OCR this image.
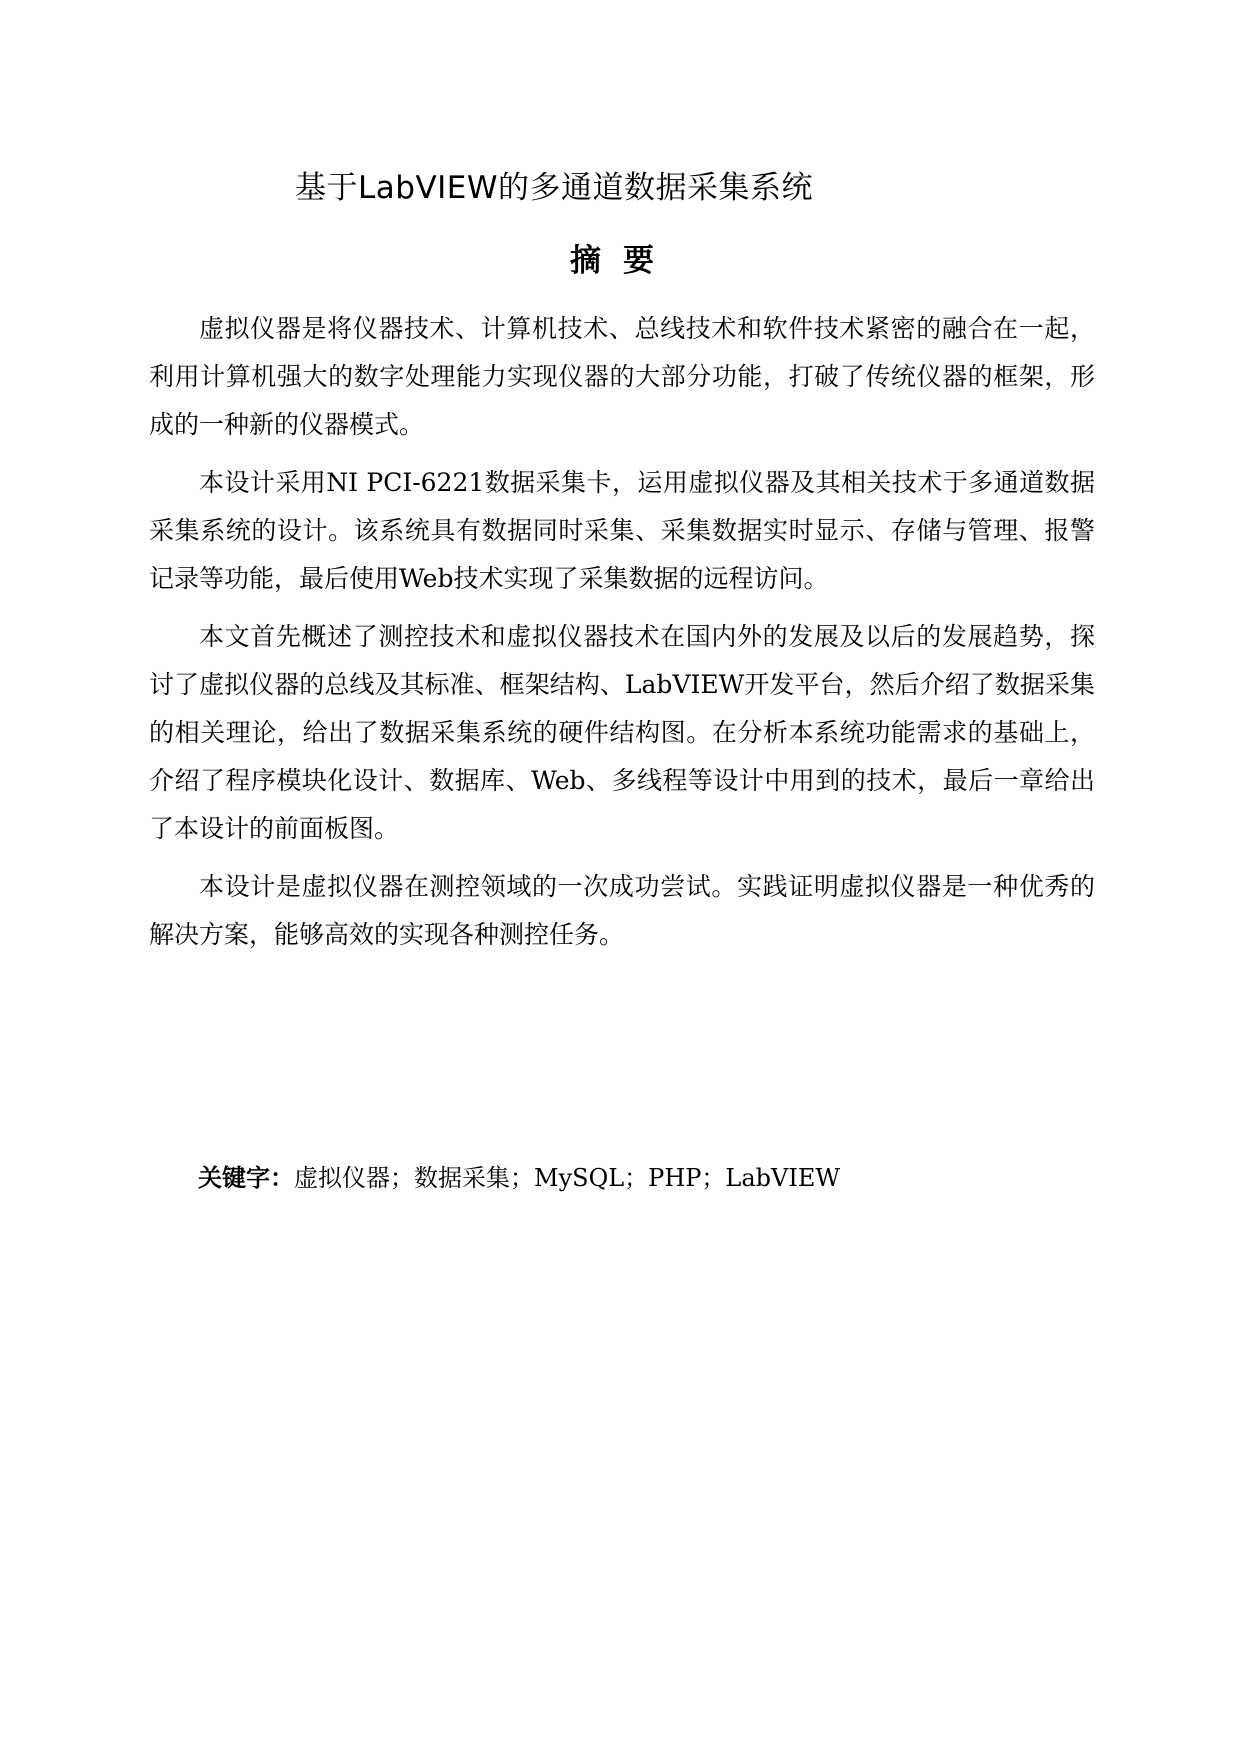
基于LabVIEW的多通道数据采集系统
摘要

虚拟仪器是将仪器技术、计算机技术、总线技术和软件技术紧密的融合在一起，利用计算机强大的数字处理能力实现仪器的大部分功能，打破了传统仪器的框架，形成的一种新的仪器模式。

本设计采用NI PCI-6221数据采集卡，运用虚拟仪器及其相关技术于多通道数据采集系统的设计。该系统具有数据同时采集、采集数据实时显示、存储与管理、报警记录等功能，最后使用Web技术实现了采集数据的远程访问。

本文首先概述了测控技术和虚拟仪器技术在国内外的发展及以后的发展趋势，探讨了虚拟仪器的总线及其标准、框架结构、LabVIEW开发平台，然后介绍了数据采集的相关理论，给出了数据采集系统的硬件结构图。在分析本系统功能需求的基础上，介绍了程序模块化设计、数据库、Web、多线程等设计中用到的技术，最后一章给出了本设计的前面板图。

本设计是虚拟仪器在测控领域的一次成功尝试。实践证明虚拟仪器是一种优秀的解决方案，能够高效的实现各种测控任务。

关键字：虚拟仪器；数据采集；MySQL；PHP；LabVIEW
